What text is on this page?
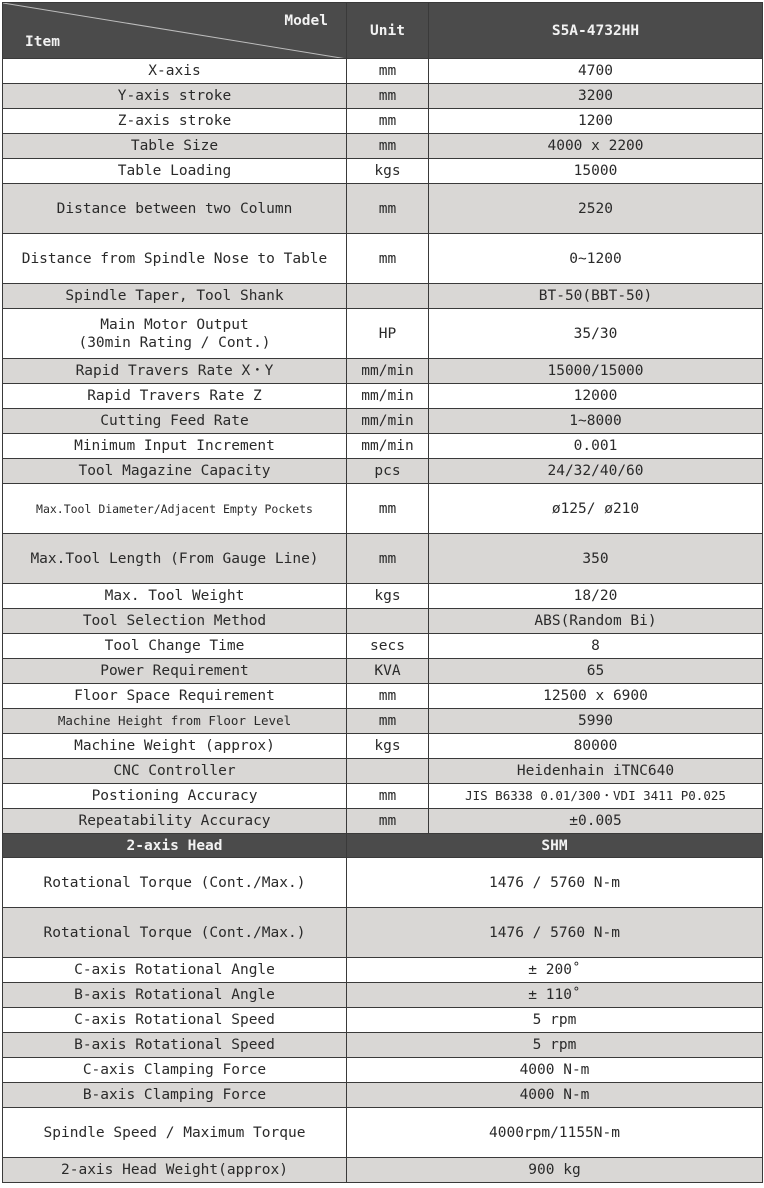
Model
Item	Unit	S5A-4732HH
X-axis	mm	4700
Y-axis stroke	mm	3200
Z-axis stroke	mm	1200
Table Size	mm	4000 x 2200
Table Loading	kgs	15000
Distance between two Column	mm	2520
Distance from Spindle Nose to Table	mm	0~1200
Spindle Taper, Tool Shank		BT-50(BBT-50)

Main Motor Output
(30min Rating / Cont.)	HP	35/30
Rapid Travers Rate X・Y	mm/min	15000/15000
Rapid Travers Rate Z	mm/min	12000
Cutting Feed Rate	mm/min	1~8000
Minimum Input Increment	mm/min	0.001
Tool Magazine Capacity	pcs	24/32/40/60
Max.Tool Diameter/Adjacent Empty Pockets	mm	ø125/ ø210
Max.Tool Length (From Gauge Line)	mm	350
Max. Tool Weight	kgs	18/20
Tool Selection Method		ABS(Random Bi)
Tool Change Time	secs	8
Power Requirement	KVA	65
Floor Space Requirement	mm	12500 x 6900
Machine Height from Floor Level	mm	5990
Machine Weight (approx)	kgs	80000
CNC Controller		Heidenhain iTNC640
Postioning Accuracy	mm	JIS B6338 0.01/300・VDI 3411 P0.025
Repeatability Accuracy	mm	±0.005
2-axis Head	SHM	
Rotational Torque (Cont./Max.)	1476 / 5760 N-m	
Rotational Torque (Cont./Max.)	1476 / 5760 N-m	
C-axis Rotational Angle	± 200˚	
B-axis Rotational Angle	± 110˚	
C-axis Rotational Speed	5 rpm	
B-axis Rotational Speed	5 rpm	
C-axis Clamping Force	4000 N-m	
B-axis Clamping Force	4000 N-m	
Spindle Speed / Maximum Torque	4000rpm/1155N-m	
2-axis Head Weight(approx)	900 kg	
